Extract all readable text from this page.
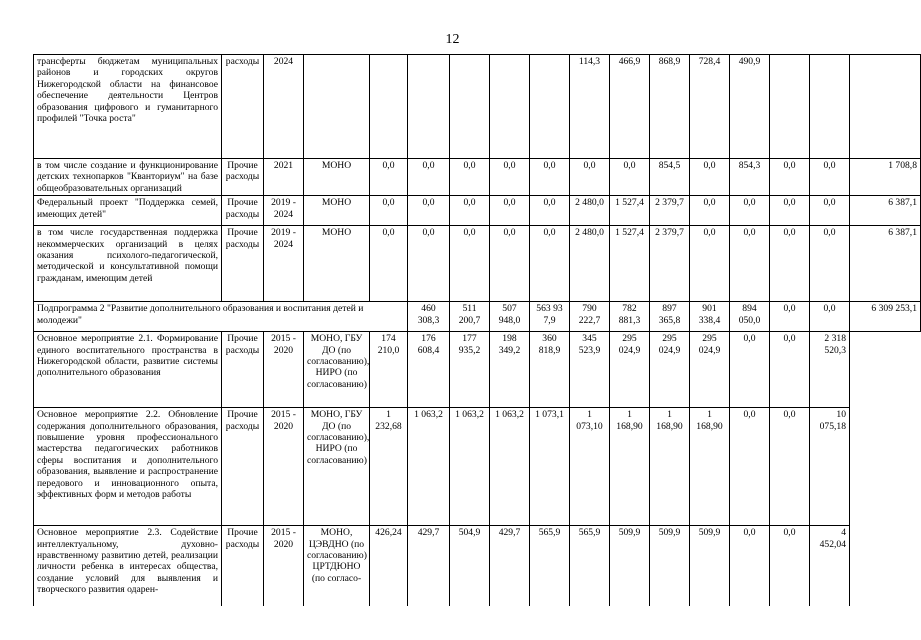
12
трансферты бюджетам муниципальных районов и городских округов Нижегородской области на финансовое обеспечение деятельности Центров образования цифрового и гуманитарного профилей "Точка роста"	расходы	2024							114,3	466,9	868,9	728,4	490,9			
в том числе создание и функционирование детских технопарков "Кванториум" на базе общеобразовательных организаций	Прочие расходы	2021	МОНО	0,0	0,0	0,0	0,0	0,0	0,0	0,0	854,5	0,0	854,3	0,0	0,0	1 708,8
Федеральный проект "Поддержка семей, имеющих детей"	Прочие расходы	2019 - 2024	МОНО	0,0	0,0	0,0	0,0	0,0	2 480,0	1 527,4	2 379,7	0,0	0,0	0,0	0,0	6 387,1
в том числе государственная поддержка некоммерческих организаций в целях оказания психолого-педагогической, методической и консультативной помощи гражданам, имеющим детей	Прочие расходы	2019 - 2024	МОНО	0,0	0,0	0,0	0,0	0,0	2 480,0	1 527,4	2 379,7	0,0	0,0	0,0	0,0	6 387,1
Подпрограмма 2 "Развитие дополнительного образования и воспитания детей и молодежи"					460 308,3	511 200,7	507 948,0	563 93 7,9	790 222,7	782 881,3	897 365,8	901 338,4	894 050,0	0,0	0,0	6 309 253,1
Основное мероприятие 2.1. Формирование единого воспитательного пространства в Нижегородской области, развитие системы дополнительного образования	Прочие расходы	2015 - 2020	МОНО, ГБУ ДО (по согласованию), НИРО (по согласованию)	174 210,0	176 608,4	177 935,2	198 349,2	360 818,9	345 523,9	295 024,9	295 024,9	295 024,9	0,0	0,0	2 318 520,3	
Основное мероприятие 2.2. Обновление содержания дополнительного образования, повышение уровня профессионального мастерства педагогических работников сферы воспитания и дополнительного образования, выявление и распространение передового и инновационного опыта, эффективных форм и методов работы	Прочие расходы	2015 - 2020	МОНО, ГБУ ДО (по согласованию), НИРО (по согласованию)	1 232,68	1 063,2	1 063,2	1 063,2	1 073,1	1 073,10	1 168,90	1 168,90	1 168,90	0,0	0,0	10 075,18	
Основное мероприятие 2.3. Содействие интеллектуальному, духовно-нравственному развитию детей, реализации личности ребенка в интересах общества, создание условий для выявления и творческого развития одарен-	Прочие расходы	2015 - 2020	МОНО, ЦЭВДНО (по согласованию) ЦРТДЮНО (по согласо-	426,24	429,7	504,9	429,7	565,9	565,9	509,9	509,9	509,9	0,0	0,0	4 452,04	
